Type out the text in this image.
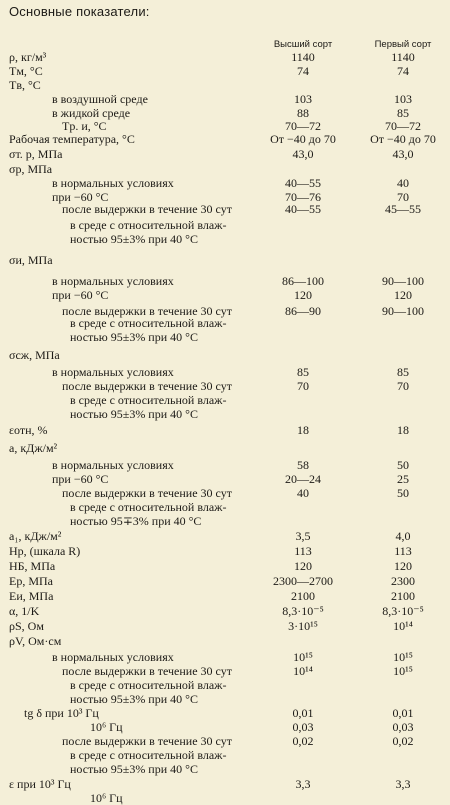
Основные показатели:
Высший сорт	Первый сорт
ρ, кг/м³	1140	1140
Tм, °C	74	74
Tв, °C
в воздушной среде	103	103
в жидкой среде	88	85
Tр. и, °C	70—72	70—72
Рабочая температура, °C	От −40 до 70	От −40 до 70
σт. р, МПа	43,0	43,0
σр, МПа
в нормальных условиях	40—55	40
при −60 °C	70—76	70
после выдержки в течение 30 сут	40—55	45—55
в среде с относительной влаж-
ностью 95±3% при 40 °C
σи, МПа
в нормальных условиях	86—100	90—100
при −60 °C	120	120
после выдержки в течение 30 сут	86—90	90—100
в среде с относительной влаж-
ностью 95±3% при 40 °C
σсж, МПа
в нормальных условиях	85	85
после выдержки в течение 30 сут	70	70
в среде с относительной влаж-
ностью 95±3% при 40 °C
εотн, %	18	18
a, кДж/м²
в нормальных условиях	58	50
при −60 °C	20—24	25
после выдержки в течение 30 сут	40	50
в среде с относительной влаж-
ностью 95∓3% при 40 °C
a₁, кДж/м²	3,5	4,0
Hр, (шкала R)	113	113
HБ, МПа	120	120
Eр, МПа	2300—2700	2300
Eи, МПа	2100	2100
α, 1/K	8,3·10⁻⁵	8,3·10⁻⁵
ρS, Ом	3·10¹⁵	10¹⁴
ρV, Ом·см
в нормальных условиях	10¹⁵	10¹⁵
после выдержки в течение 30 сут	10¹⁴	10¹⁵
в среде с относительной влаж-
ностью 95±3% при 40 °C
tg δ при 10³ Гц	0,01	0,01
10⁶ Гц	0,03	0,03
после выдержки в течение 30 сут	0,02	0,02
в среде с относительной влаж-
ностью 95±3% при 40 °C
ε при 10³ Гц	3,3	3,3
10⁶ Гц
